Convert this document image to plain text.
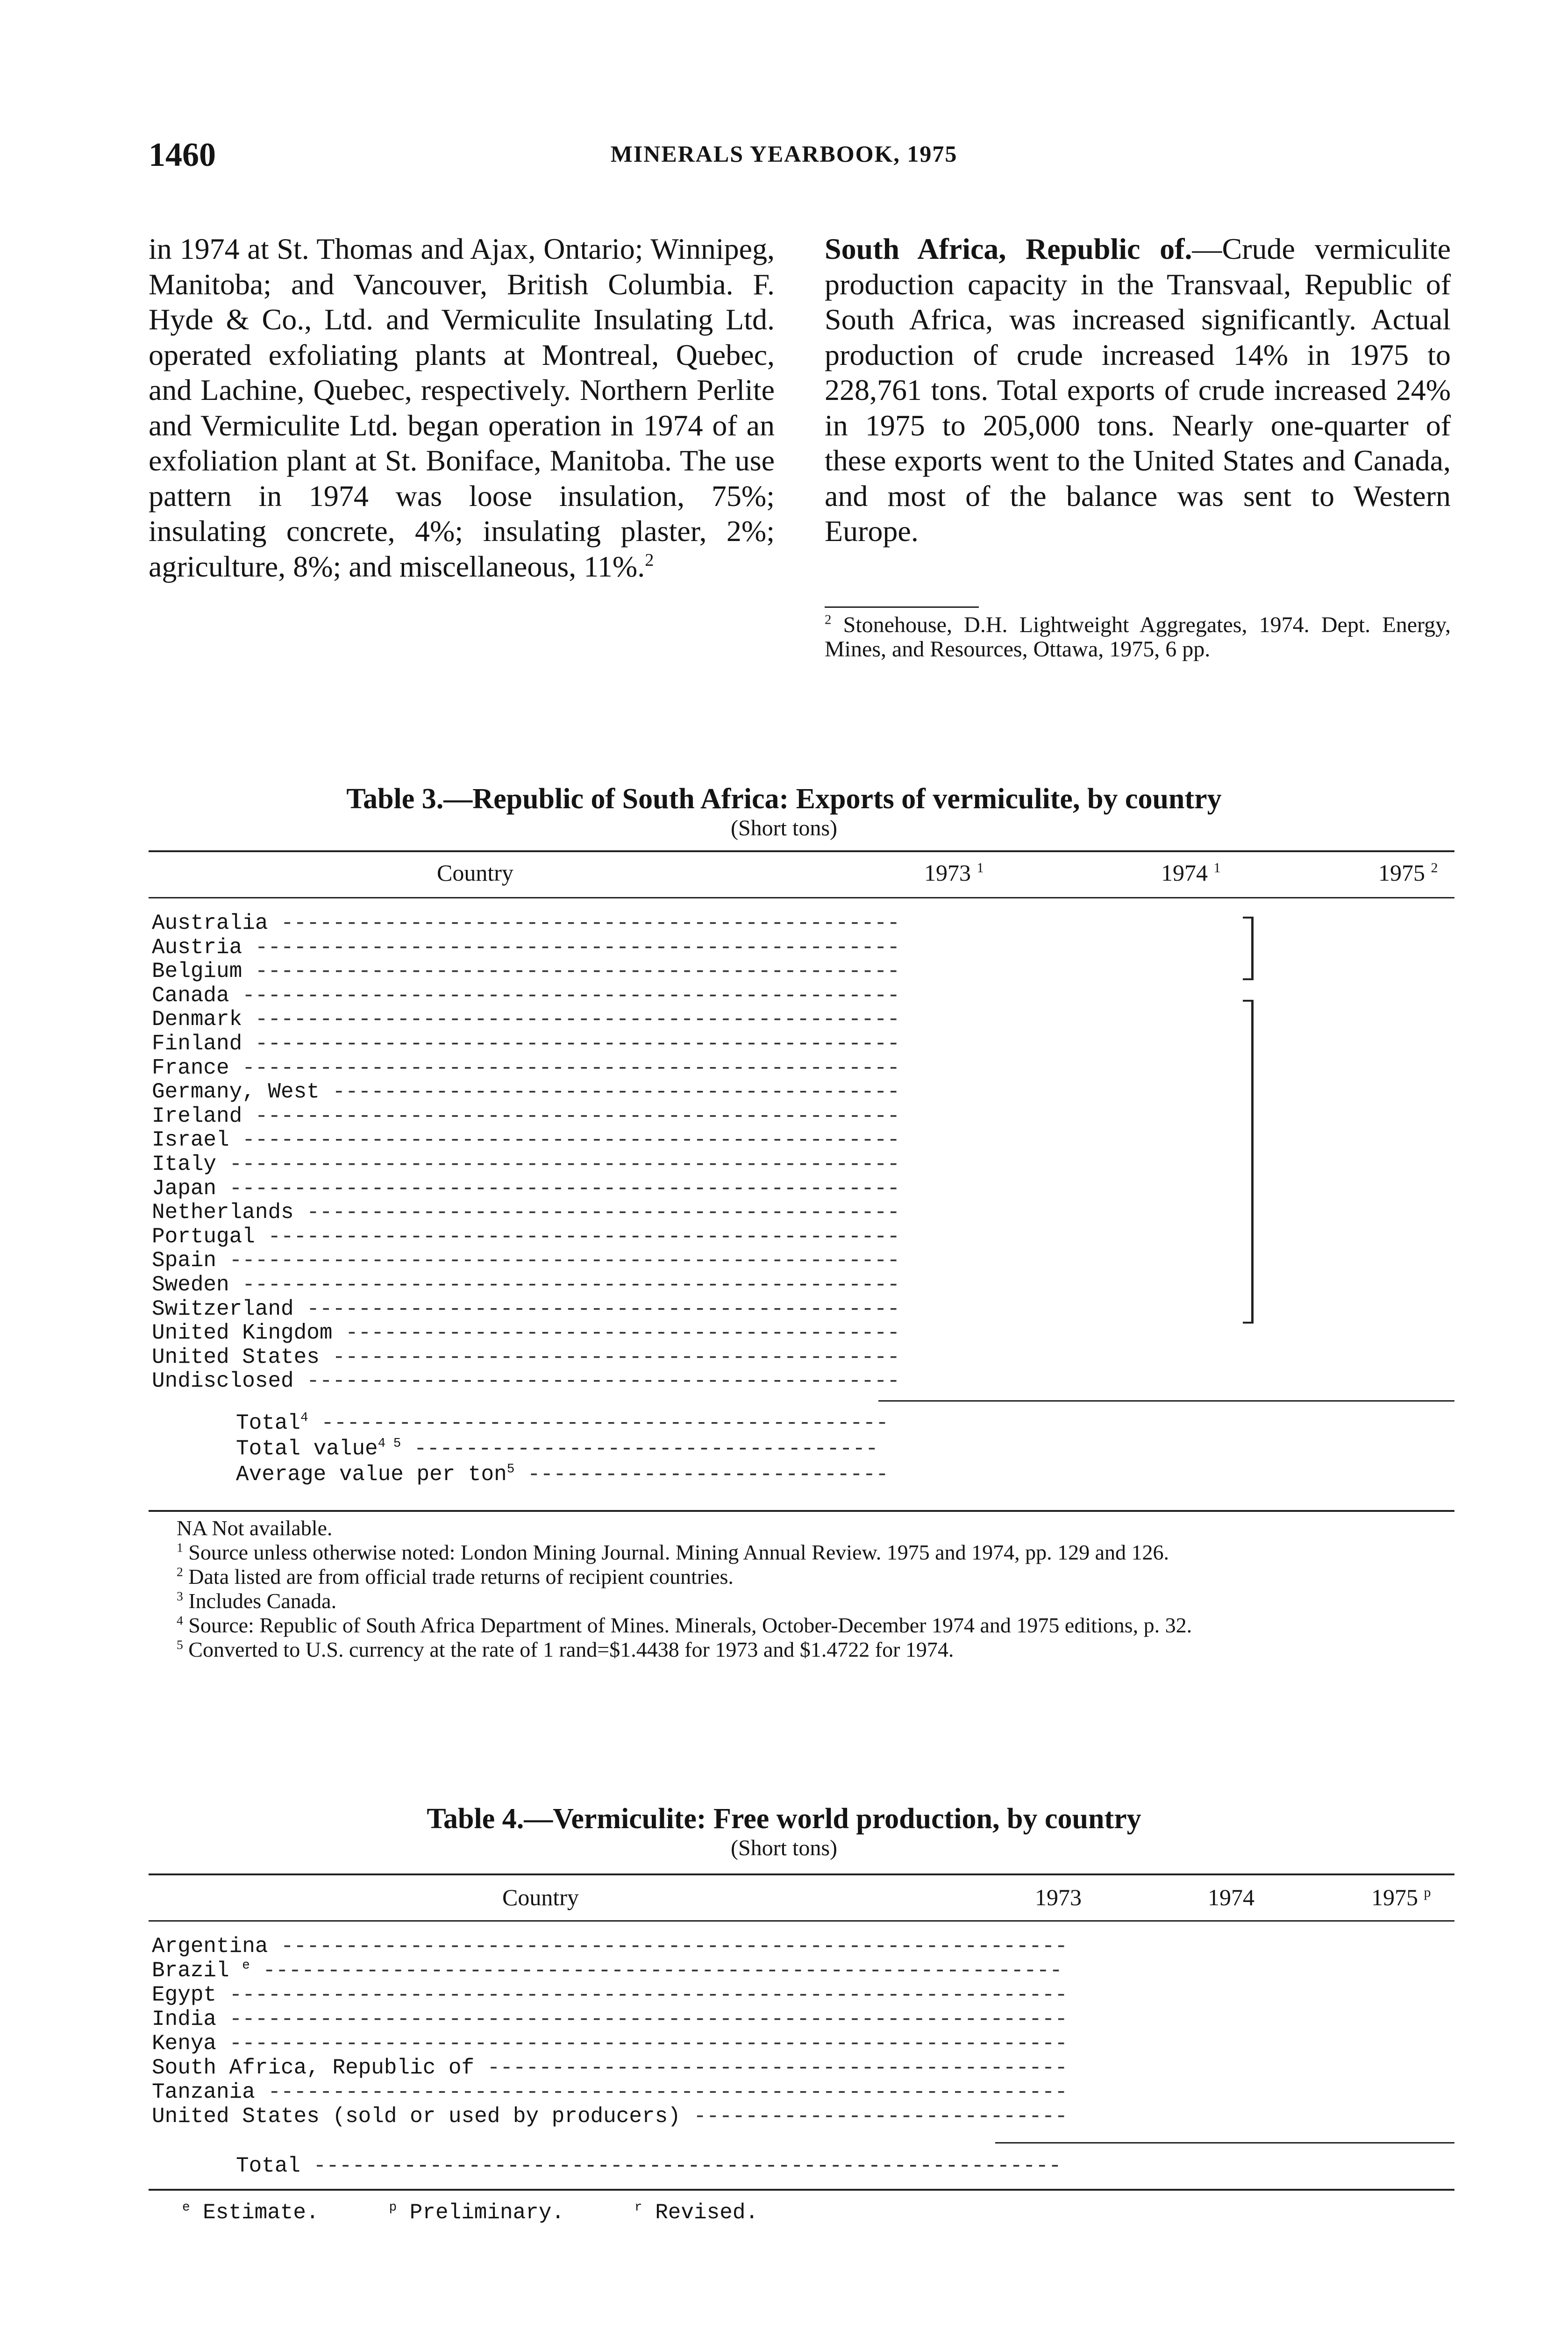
1460	MINERALS YEARBOOK, 1975

in 1974 at St. Thomas and Ajax, Ontario; Winnipeg, Manitoba; and Vancouver, British Columbia. F. Hyde & Co., Ltd. and Vermiculite Insulating Ltd. operated exfoliating plants at Montreal, Quebec, and Lachine, Quebec, respectively. Northern Perlite and Vermiculite Ltd. began operation in 1974 of an exfoliation plant at St. Boniface, Manitoba. The use pattern in 1974 was loose insulation, 75%; insulating concrete, 4%; insulating plaster, 2%; agriculture, 8%; and miscellaneous, 11%.$^2$

South Africa, Republic of.—Crude vermiculite production capacity in the Transvaal, Republic of South Africa, was increased significantly. Actual production of crude increased 14% in 1975 to 228,761 tons. Total exports of crude increased 24% in 1975 to 205,000 tons. Nearly one-quarter of these exports went to the United States and Canada, and most of the balance was sent to Western Europe.

$^2$ Stonehouse, D.H. Lightweight Aggregates, 1974. Dept. Energy, Mines, and Resources, Ottawa, 1975, 6 pp.

Table 3.—Republic of South Africa: Exports of vermiculite, by country
(Short tons)
Country	1973 $^1$	1974 $^1$	1975 $^2$
Australia ------------------------------------------------
Austria --------------------------------------------------
Belgium --------------------------------------------------
Canada ---------------------------------------------------
Denmark --------------------------------------------------
Finland --------------------------------------------------
France ---------------------------------------------------
Germany, West --------------------------------------------
Ireland --------------------------------------------------
Israel ---------------------------------------------------
Italy ----------------------------------------------------
Japan ----------------------------------------------------
Netherlands ----------------------------------------------
Portugal -------------------------------------------------
Spain ----------------------------------------------------
Sweden ---------------------------------------------------
Switzerland ----------------------------------------------
United Kingdom -------------------------------------------
United States --------------------------------------------
Undisclosed ----------------------------------------------
Total$^4$ --------------------------------------------
Total value$^{4 5}$ ------------------------------------
Average value per ton$^5$ ----------------------------

NA Not available.

$^1$ Source unless otherwise noted: London Mining Journal. Mining Annual Review. 1975 and 1974, pp. 129 and 126.

$^2$ Data listed are from official trade returns of recipient countries.

$^3$ Includes Canada.

$^4$ Source: Republic of South Africa Department of Mines. Minerals, October-December 1974 and 1975 editions, p. 32.

$^5$ Converted to U.S. currency at the rate of 1 rand=$1.4438 for 1973 and $1.4722 for 1974.

Table 4.—Vermiculite: Free world production, by country
(Short tons)
Country	1973	1974	1975 $^p$
Argentina -------------------------------------------------------------
Brazil $^e$ --------------------------------------------------------------
Egypt -----------------------------------------------------------------
India -----------------------------------------------------------------
Kenya -----------------------------------------------------------------
South Africa, Republic of ---------------------------------------------
Tanzania --------------------------------------------------------------
United States (sold or used by producers) -----------------------------
Total ----------------------------------------------------------

$^e$ Estimate.	$^p$ Preliminary.	$^r$ Revised.
